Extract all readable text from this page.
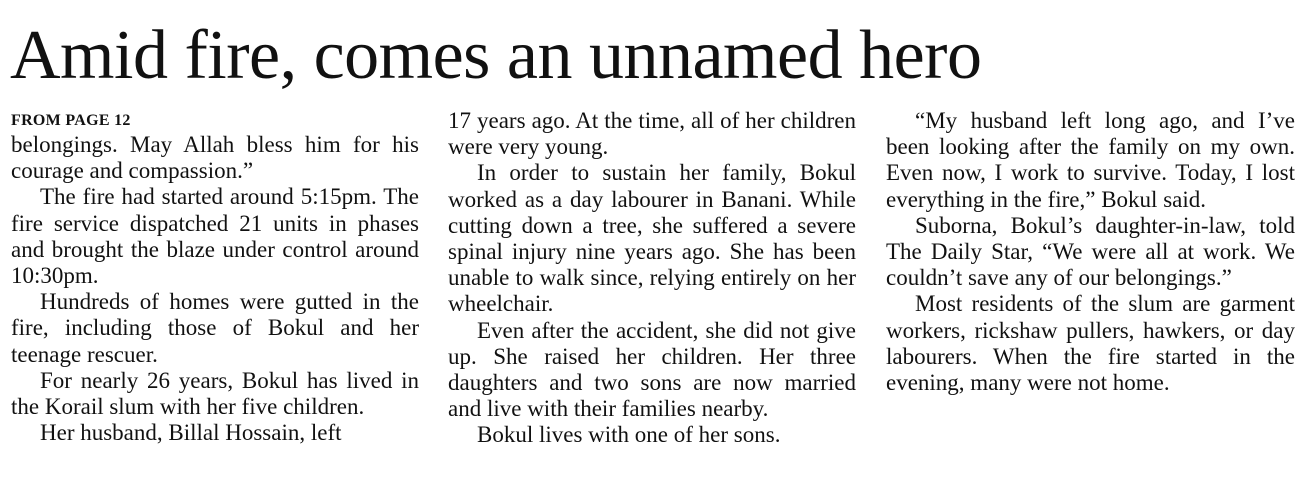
Amid fire, comes an unnamed hero
FROM PAGE 12

belongings. May Allah bless him for his courage and compassion.”

The fire had started around 5:15pm. The fire service dispatched 21 units in phases and brought the blaze under control around 10:30pm.

Hundreds of homes were gutted in the fire, including those of Bokul and her teenage rescuer.

For nearly 26 years, Bokul has lived in the Korail slum with her five children.

Her husband, Billal Hossain, left

17 years ago. At the time, all of her children were very young.

In order to sustain her family, Bokul worked as a day labourer in Banani. While cutting down a tree, she suffered a severe spinal injury nine years ago. She has been unable to walk since, relying entirely on her wheelchair.

Even after the accident, she did not give up. She raised her children. Her three daughters and two sons are now married and live with their families nearby.

Bokul lives with one of her sons.

“My husband left long ago, and I’ve been looking after the family on my own. Even now, I work to survive. Today, I lost everything in the fire,” Bokul said.

Suborna, Bokul’s daughter-in-law, told The Daily Star, “We were all at work. We couldn’t save any of our belongings.”

Most residents of the slum are garment workers, rickshaw pullers, hawkers, or day labourers. When the fire started in the evening, many were not home.
